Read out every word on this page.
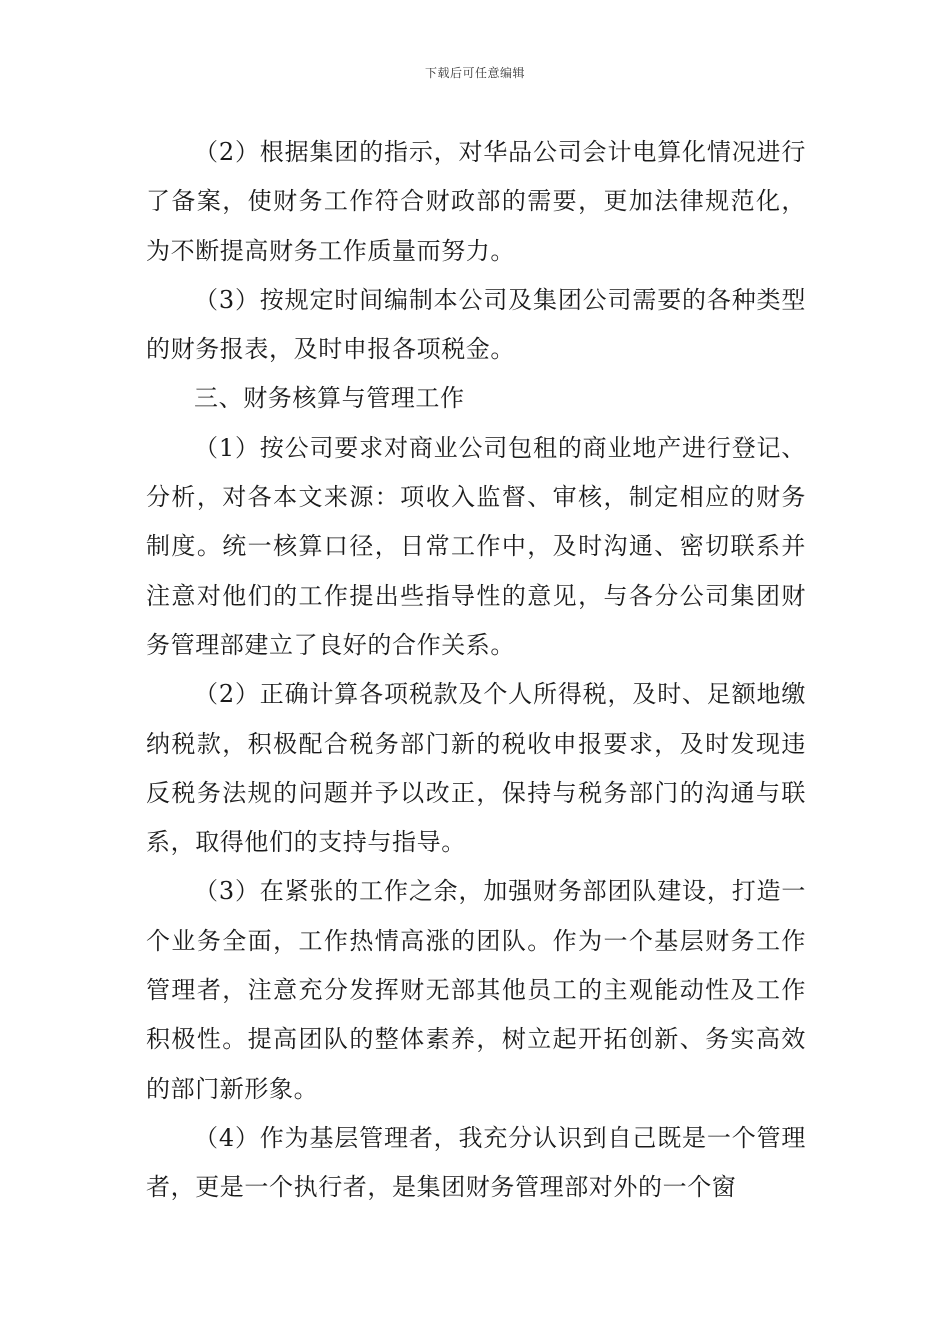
下载后可任意编辑

（2）根据集团的指示，对华品公司会计电算化情况进行了备案，使财务工作符合财政部的需要，更加法律规范化，为不断提高财务工作质量而努力。

（3）按规定时间编制本公司及集团公司需要的各种类型的财务报表，及时申报各项税金。

三、财务核算与管理工作

（1）按公司要求对商业公司包租的商业地产进行登记、分析，对各本文来源：项收入监督、审核，制定相应的财务制度。统一核算口径，日常工作中，及时沟通、密切联系并注意对他们的工作提出些指导性的意见，与各分公司集团财务管理部建立了良好的合作关系。

（2）正确计算各项税款及个人所得税，及时、足额地缴纳税款，积极配合税务部门新的税收申报要求，及时发现违反税务法规的问题并予以改正，保持与税务部门的沟通与联系，取得他们的支持与指导。

（3）在紧张的工作之余，加强财务部团队建设，打造一个业务全面，工作热情高涨的团队。作为一个基层财务工作管理者，注意充分发挥财无部其他员工的主观能动性及工作积极性。提高团队的整体素养，树立起开拓创新、务实高效的部门新形象。

（4）作为基层管理者，我充分认识到自己既是一个管理者，更是一个执行者，是集团财务管理部对外的一个窗
